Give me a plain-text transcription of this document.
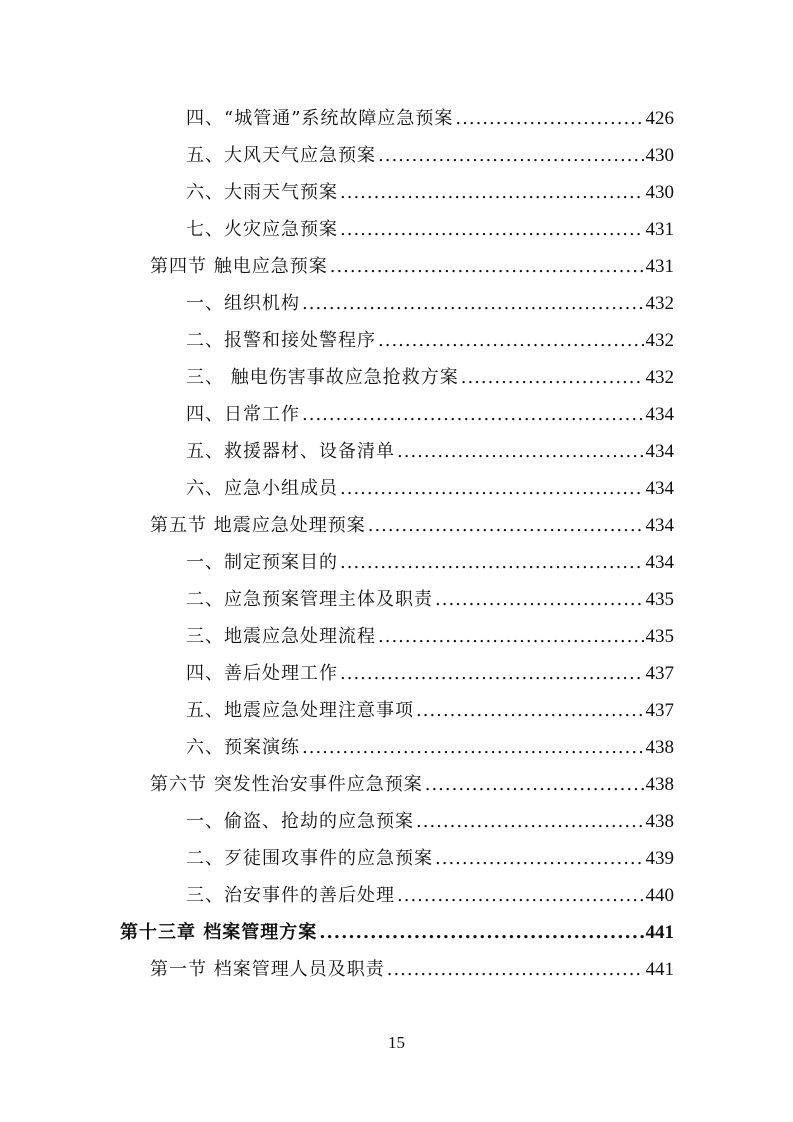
四、“城管通”系统故障应急预案 .....	426
五、大风天气应急预案 .....	430
六、大雨天气预案 .....	430
七、火灾应急预案 .....	431
第四节 触电应急预案 .....	431
一、组织机构 .....	432
二、报警和接处警程序 .....	432
三、 触电伤害事故应急抢救方案 .....	432
四、日常工作 .....	434
五、救援器材、设备清单 .....	434
六、应急小组成员 .....	434
第五节 地震应急处理预案 .....	434
一、制定预案目的 .....	434
二、应急预案管理主体及职责 .....	435
三、地震应急处理流程 .....	435
四、善后处理工作 .....	437
五、地震应急处理注意事项 .....	437
六、预案演练 .....	438
第六节 突发性治安事件应急预案 .....	438
一、偷盗、抢劫的应急预案 .....	438
二、歹徒围攻事件的应急预案 .....	439
三、治安事件的善后处理 .....	440
第十三章 档案管理方案 .....	441
第一节 档案管理人员及职责 .....	441
15
